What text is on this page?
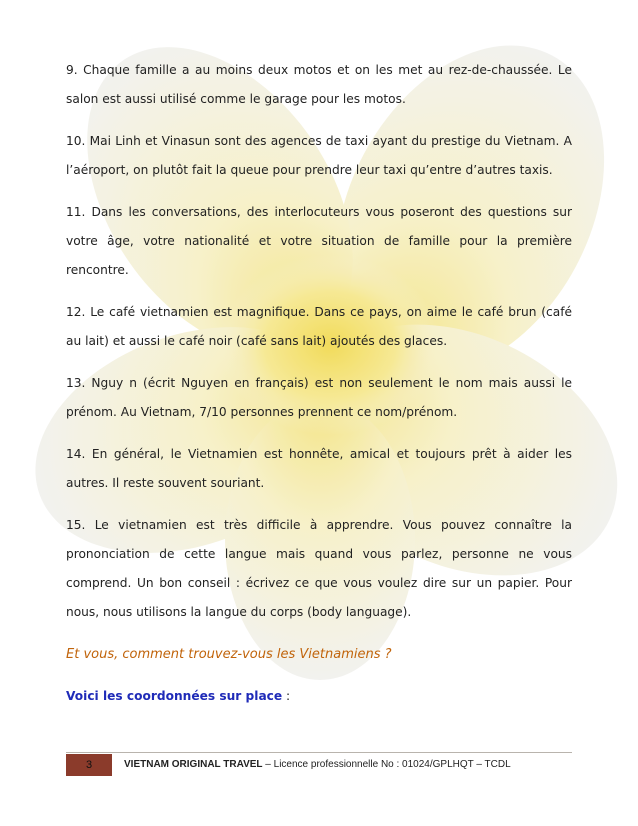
9. Chaque famille a au moins deux motos et on les met au rez-de-chaussée. Le salon est aussi utilisé comme le garage pour les motos.

10. Mai Linh et Vinasun sont des agences de taxi ayant du prestige du Vietnam. A l’aéroport, on plutôt fait la queue pour prendre leur taxi qu’entre d’autres taxis.

11. Dans les conversations, des interlocuteurs vous poseront des questions sur votre âge, votre nationalité et votre situation de famille pour la première rencontre.

12. Le café vietnamien est magnifique. Dans ce pays, on aime le café brun (café au lait) et aussi le café noir (café sans lait) ajoutés des glaces.

13. Nguy n (écrit Nguyen en français) est non seulement le nom mais aussi le prénom. Au Vietnam, 7/10 personnes prennent ce nom/prénom.

14. En général, le Vietnamien est honnête, amical et toujours prêt à aider les autres. Il reste souvent souriant.

15. Le vietnamien est très difficile à apprendre. Vous pouvez connaître la prononciation de cette langue mais quand vous parlez, personne ne vous comprend. Un bon conseil : écrivez ce que vous voulez dire sur un papier. Pour nous, nous utilisons la langue du corps (body language).

Et vous, comment trouvez-vous les Vietnamiens ?

Voici les coordonnées sur place :

3	VIETNAM ORIGINAL TRAVEL – Licence professionnelle No : 01024/GPLHQT – TCDL
